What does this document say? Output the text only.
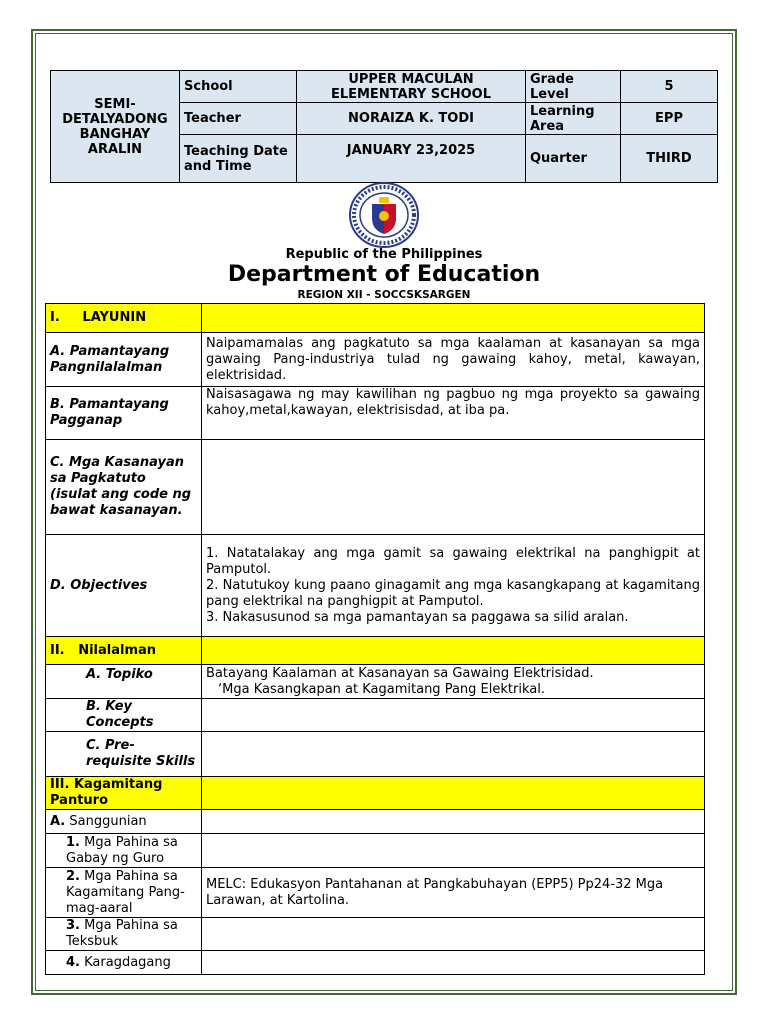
SEMI-DETALYADONG BANGHAY ARALIN	School	UPPER MACULAN ELEMENTARY SCHOOL	Grade Level	5
	Teacher	NORAIZA K. TODI	Learning Area	EPP
	Teaching Date and Time	JANUARY 23,2025	Quarter	THIRD
Republic of the Philippines
Department of Education
REGION XII - SOCCSKSARGEN
I. LAYUNIN	
A. Pamantayang Pangnilalalman	Naipamamalas ang pagkatuto sa mga kaalaman at kasanayan sa mga gawaing Pang-industriya tulad ng gawaing kahoy, metal, kawayan, elektrisidad.
B. Pamantayang Pagganap	Naisasagawa ng may kawilihan ng pagbuo ng mga proyekto sa gawaing kahoy,metal,kawayan, elektrisisdad, at iba pa.
C. Mga Kasanayan sa Pagkatuto (isulat ang code ng bawat kasanayan.	
D. Objectives	1. Natatalakay ang mga gamit sa gawaing elektrikal na panghigpit at Pamputol.
2. Natutukoy kung paano ginagamit ang mga kasangkapang at kagamitang pang elektrikal na panghigpit at Pamputol.
3. Nakasusunod sa mga pamantayan sa paggawa sa silid aralan.

II. Nilalalman	
A. Topiko	Batayang Kaalaman at Kasanayan sa Gawaing Elektrisidad.
‘Mga Kasangkapan at Kagamitang Pang Elektrikal.

B. Key Concepts	
C. Pre-requisite Skills	
III. Kagamitang Panturo	
A. Sanggunian	
1. Mga Pahina sa Gabay ng Guro	
2. Mga Pahina sa Kagamitang Pang-mag-aaral	MELC: Edukasyon Pantahanan at Pangkabuhayan (EPP5) Pp24-32 Mga Larawan, at Kartolina.
3. Mga Pahina sa Teksbuk	
4. Karagdagang	
